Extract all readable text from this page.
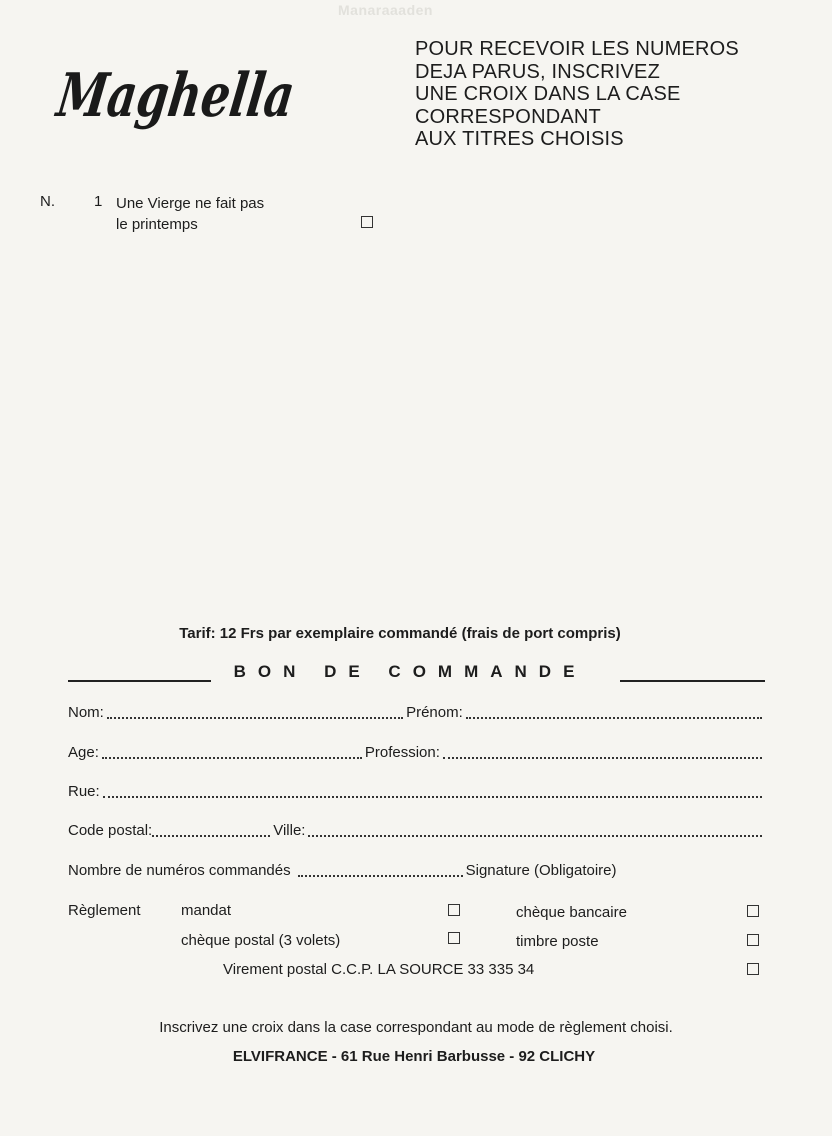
Manaraaaden
Maghella
POUR RECEVOIR LES NUMEROS
DEJA PARUS, INSCRIVEZ
UNE CROIX DANS LA CASE
CORRESPONDANT
AUX TITRES CHOISIS
N.	1 Une Vierge ne fait pas
le printemps
Tarif: 12 Frs par exemplaire commandé (frais de port compris)
BON DE COMMANDE
Nom:	Prénom:
Age:	Profession:
Rue:
Code postal:	Ville:
Nombre de numéros commandés	Signature (Obligatoire)
Règlement	mandat	chèque bancaire
chèque postal (3 volets)	timbre poste
Virement postal C.C.P. LA SOURCE 33 335 34
Inscrivez une croix dans la case correspondant au mode de règlement choisi.
ELVIFRANCE - 61 Rue Henri Barbusse - 92 CLICHY
